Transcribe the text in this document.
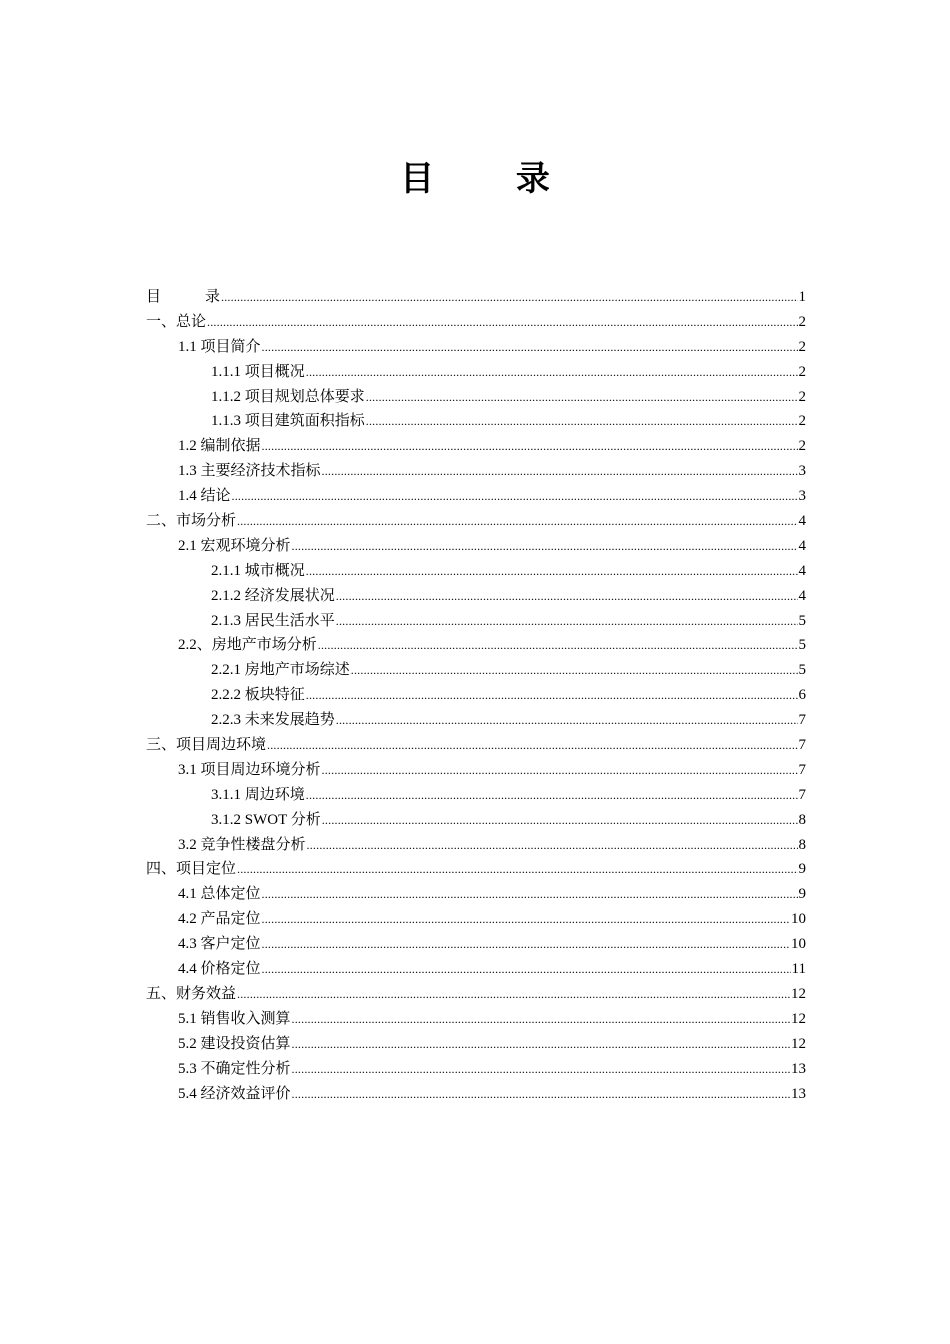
目 录
目	录 .....	1
一、总论 .....	2
1.1 项目简介 .....	2
1.1.1 项目概况 .....	2
1.1.2 项目规划总体要求 .....	2
1.1.3 项目建筑面积指标 .....	2
1.2 编制依据 .....	2
1.3 主要经济技术指标 .....	3
1.4 结论 .....	3
二、市场分析 .....	4
2.1 宏观环境分析 .....	4
2.1.1 城市概况 .....	4
2.1.2 经济发展状况 .....	4
2.1.3 居民生活水平 .....	5
2.2、房地产市场分析 .....	5
2.2.1 房地产市场综述 .....	5
2.2.2 板块特征 .....	6
2.2.3 未来发展趋势 .....	7
三、项目周边环境 .....	7
3.1 项目周边环境分析 .....	7
3.1.1 周边环境 .....	7
3.1.2 SWOT 分析 .....	8
3.2 竞争性楼盘分析 .....	8
四、项目定位 .....	9
4.1 总体定位 .....	9
4.2 产品定位 .....	10
4.3 客户定位 .....	10
4.4 价格定位 .....	11
五、财务效益 .....	12
5.1 销售收入测算 .....	12
5.2 建设投资估算 .....	12
5.3 不确定性分析 .....	13
5.4 经济效益评价 .....	13
